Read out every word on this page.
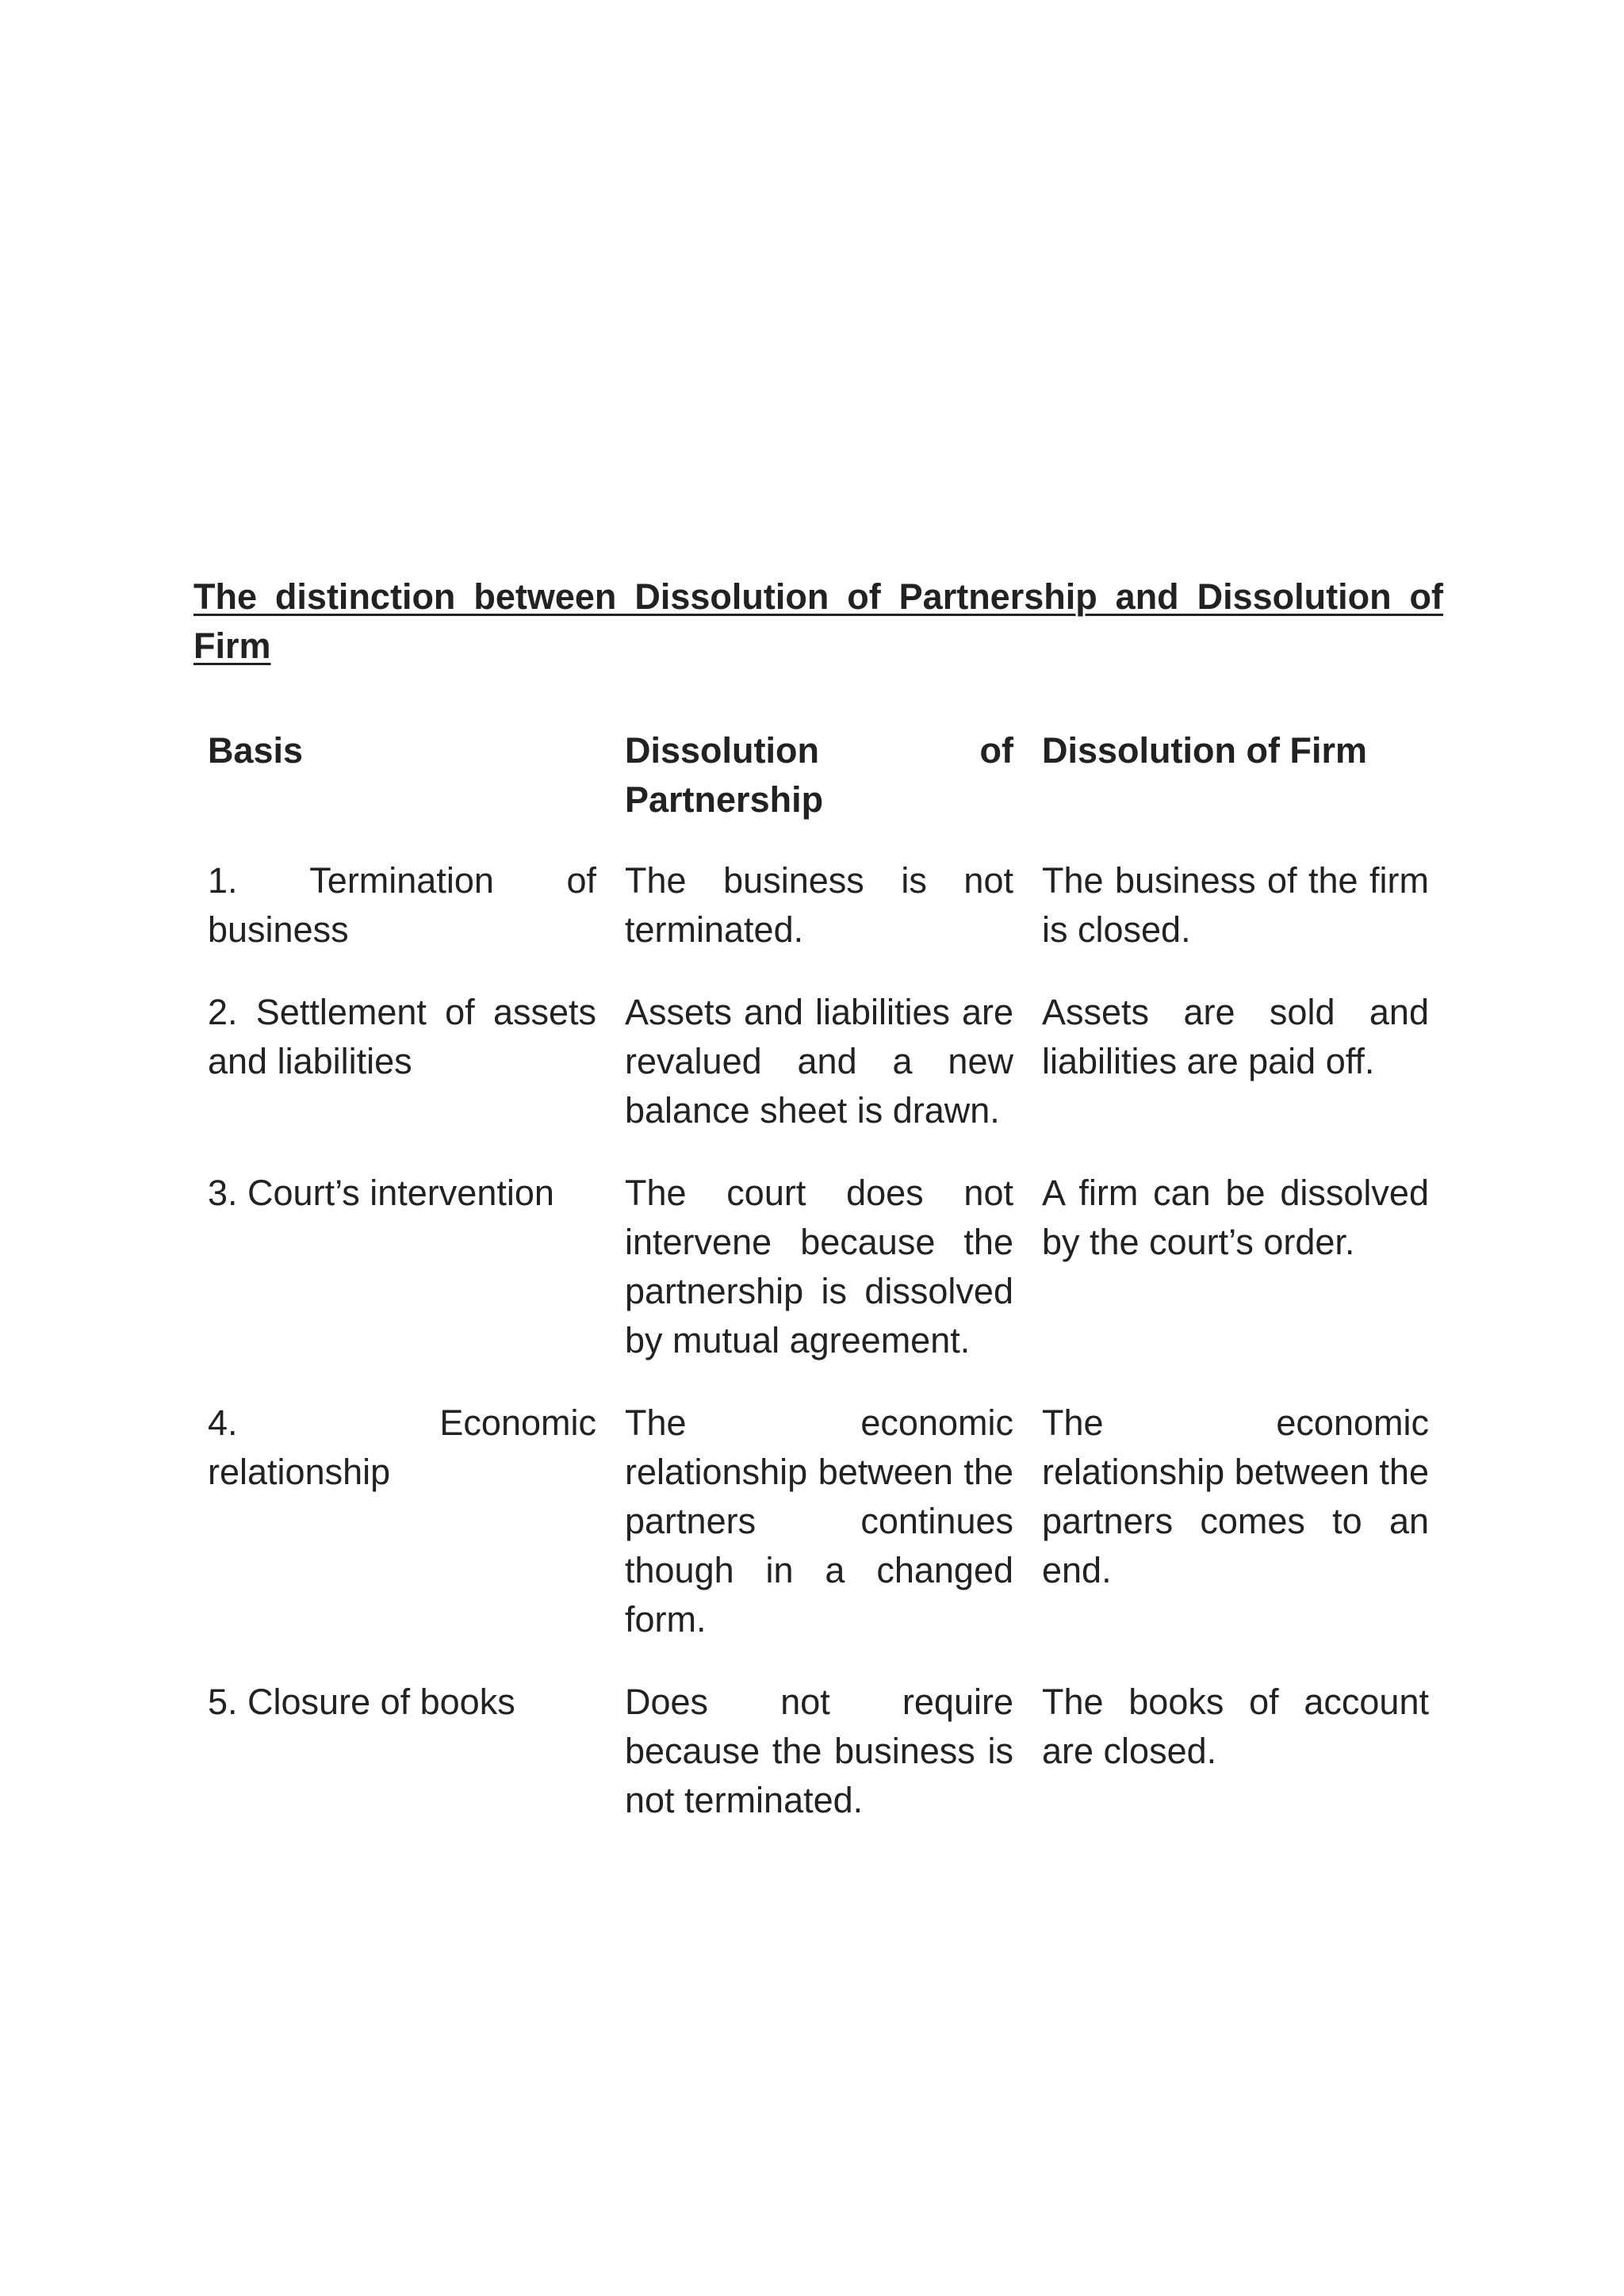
The distinction between Dissolution of Partnership and Dissolution of Firm
Basis	Dissolution of Partnership	Dissolution of Firm
1. Termination of business	The business is not terminated.	The business of the firm is closed.
2. Settlement of assets and liabilities	Assets and liabilities are revalued and a new balance sheet is drawn.	Assets are sold and liabilities are paid off.
3. Court’s intervention	The court does not intervene because the partnership is dissolved by mutual agreement.	A firm can be dissolved by the court’s order.
4. Economic relationship	The economic relationship between the partners continues though in a changed form.	The economic relationship between the partners comes to an end.
5. Closure of books	Does not require because the business is not terminated.	The books of account are closed.
